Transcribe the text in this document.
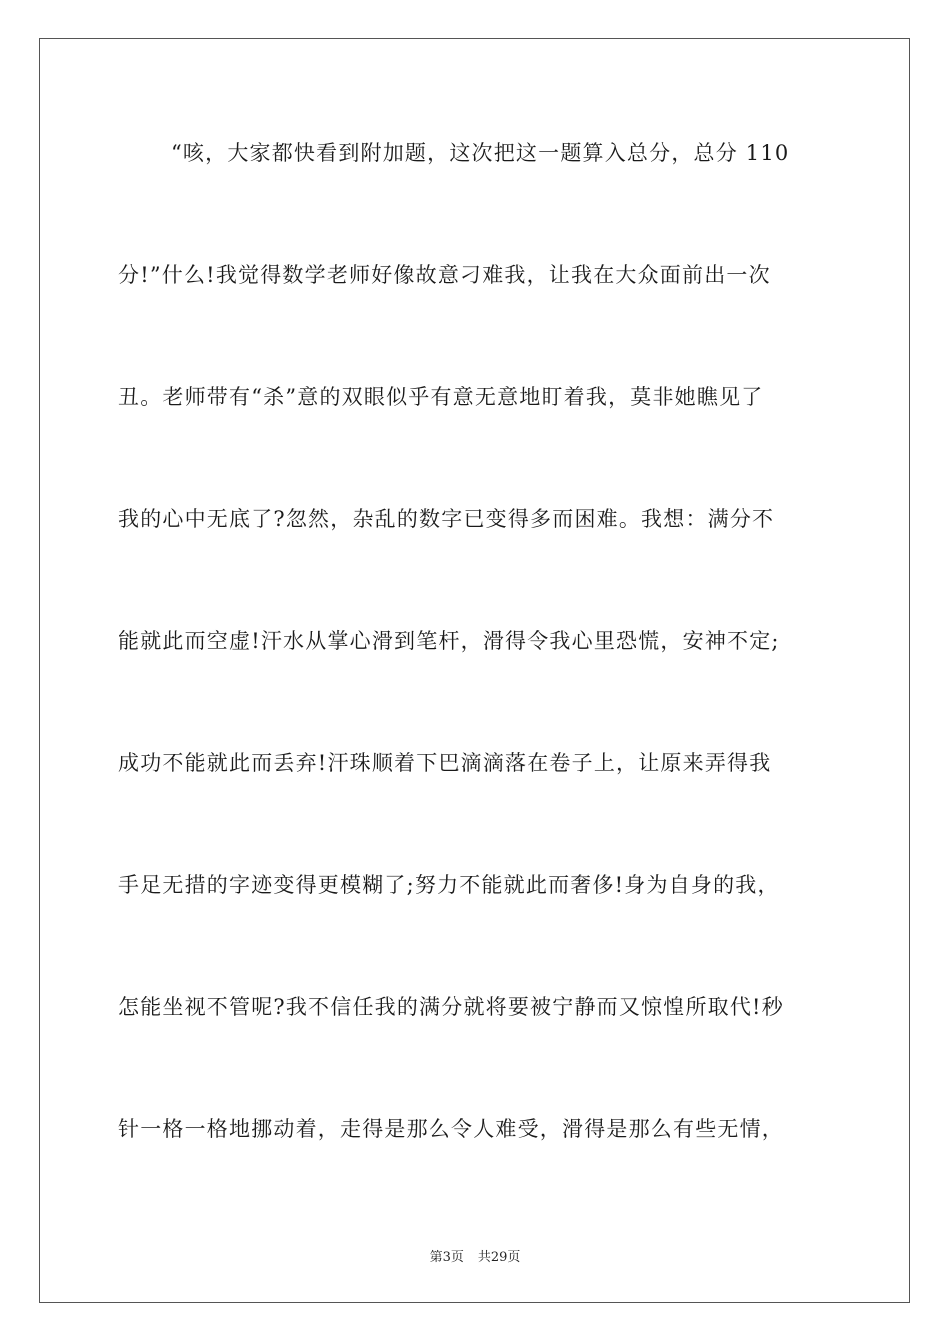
“咳，大家都快看到附加题，这次把这一题算入总分，总分 110
分!”什么!我觉得数学老师好像故意刁难我，让我在大众面前出一次
丑。老师带有“杀”意的双眼似乎有意无意地盯着我，莫非她瞧见了
我的心中无底了?忽然，杂乱的数字已变得多而困难。我想：满分不
能就此而空虚!汗水从掌心滑到笔杆，滑得令我心里恐慌，安神不定;
成功不能就此而丢弃!汗珠顺着下巴滴滴落在卷子上，让原来弄得我
手足无措的字迹变得更模糊了;努力不能就此而奢侈!身为自身的我，
怎能坐视不管呢?我不信任我的满分就将要被宁静而又惊惶所取代!秒
针一格一格地挪动着，走得是那么令人难受，滑得是那么有些无情，
第3页 共29页
